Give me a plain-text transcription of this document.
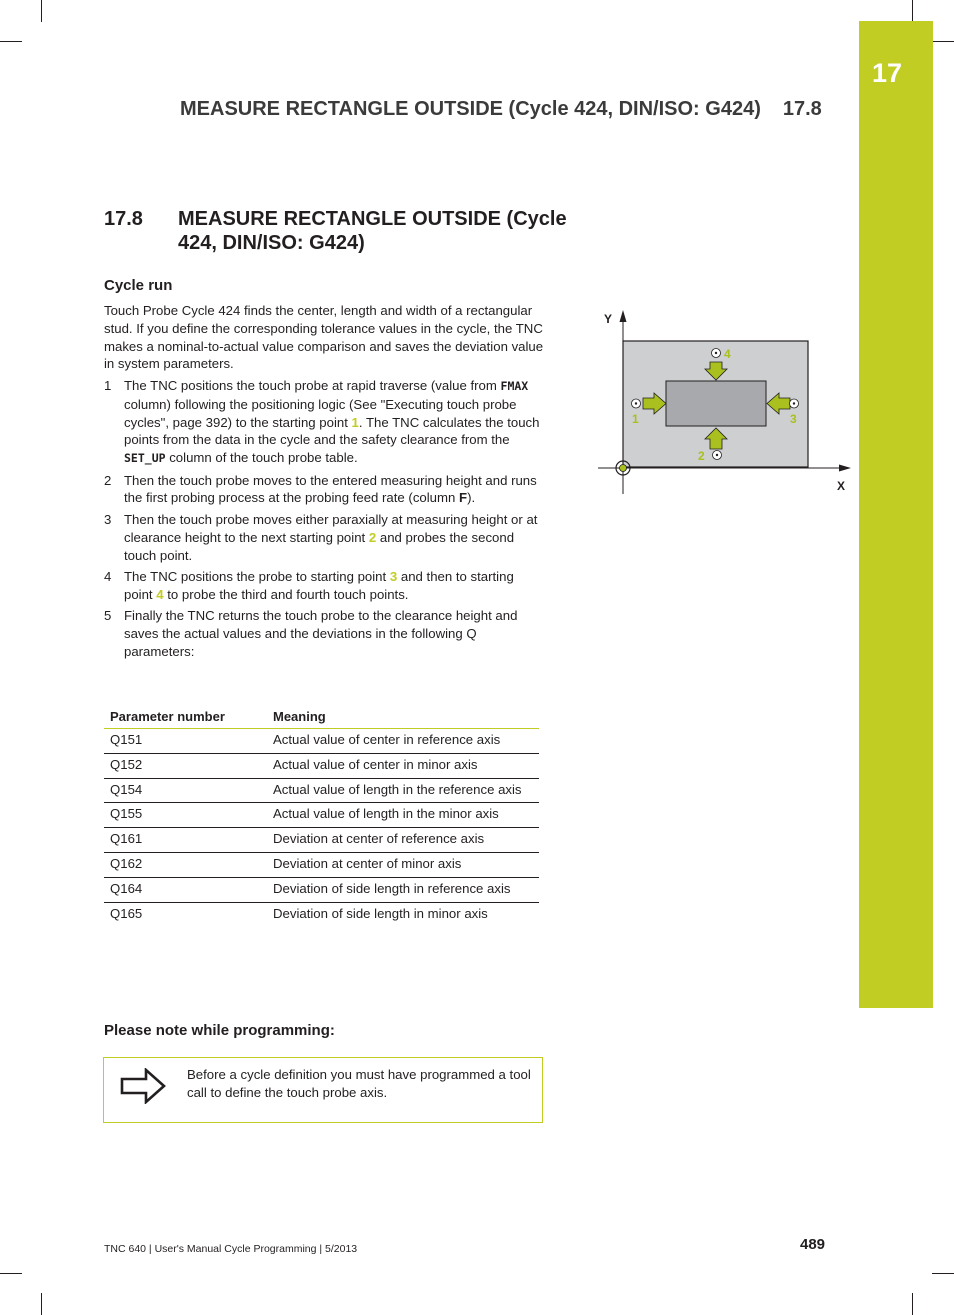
17
MEASURE RECTANGLE OUTSIDE (Cycle 424, DIN/ISO: G424) 17.8
17.8 MEASURE RECTANGLE OUTSIDE (Cycle 424, DIN/ISO: G424)
Cycle run

Touch Probe Cycle 424 finds the center, length and width of a rectangular stud. If you define the corresponding tolerance values in the cycle, the TNC makes a nominal-to-actual value comparison and saves the deviation value in system parameters.

1 The TNC positions the touch probe at rapid traverse (value from FMAX column) following the positioning logic (See "Executing touch probe cycles", page 392) to the starting point 1. The TNC calculates the touch points from the data in the cycle and the safety clearance from the SET_UP column of the touch probe table.
2 Then the touch probe moves to the entered measuring height and runs the first probing process at the probing feed rate (column F).
3 Then the touch probe moves either paraxially at measuring height or at clearance height to the next starting point 2 and probes the second touch point.
4 The TNC positions the probe to starting point 3 and then to starting point 4 to probe the third and fourth touch points.
5 Finally the TNC returns the touch probe to the clearance height and saves the actual values and the deviations in the following Q parameters:
Parameter number	Meaning
Q151	Actual value of center in reference axis
Q152	Actual value of center in minor axis
Q154	Actual value of length in the reference axis
Q155	Actual value of length in the minor axis
Q161	Deviation at center of reference axis
Q162	Deviation at center of minor axis
Q164	Deviation of side length in reference axis
Q165	Deviation of side length in minor axis
Please note while programming:

Before a cycle definition you must have programmed a tool call to define the touch probe axis.

Y
X
1
2
3
4
TNC 640 | User's Manual Cycle Programming | 5/2013	489
